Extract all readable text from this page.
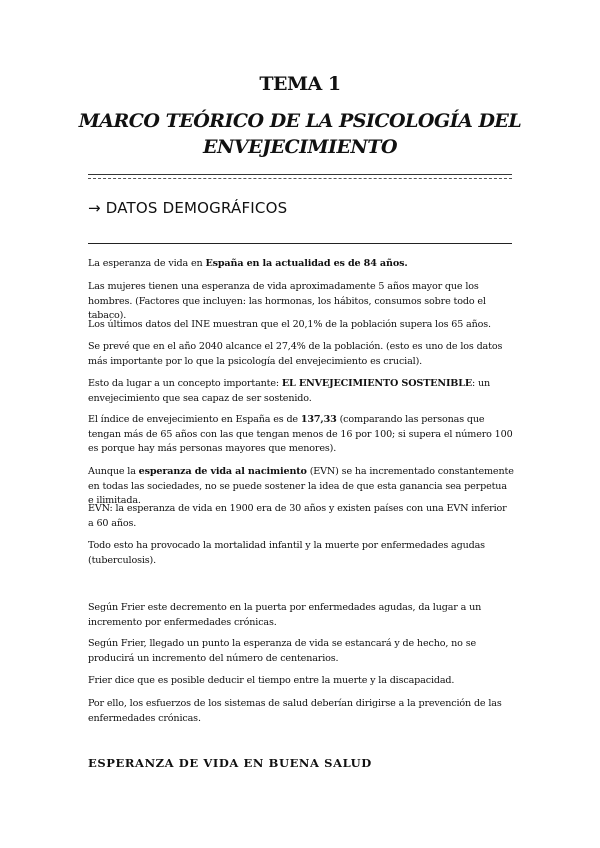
TEMA 1
MARCO TEÓRICO DE LA PSICOLOGÍA DEL
ENVEJECIMIENTO
→ DATOS DEMOGRÁFICOS

La esperanza de vida en España en la actualidad es de 84 años.

Las mujeres tienen una esperanza de vida aproximadamente 5 años mayor que los hombres. (Factores que incluyen: las hormonas, los hábitos, consumos sobre todo el tabaco).

Los últimos datos del INE muestran que el 20,1% de la población supera los 65 años.

Se prevé que en el año 2040 alcance el 27,4% de la población. (esto es uno de los datos más importante por lo que la psicología del envejecimiento es crucial).

Esto da lugar a un concepto importante: EL ENVEJECIMIENTO SOSTENIBLE: un envejecimiento que sea capaz de ser sostenido.

El índice de envejecimiento en España es de 137,33 (comparando las personas que tengan más de 65 años con las que tengan menos de 16 por 100; si supera el número 100 es porque hay más personas mayores que menores).

Aunque la esperanza de vida al nacimiento (EVN) se ha incrementado constantemente en todas las sociedades, no se puede sostener la idea de que esta ganancia sea perpetua e ilimitada.

EVN: la esperanza de vida en 1900 era de 30 años y existen países con una EVN inferior a 60 años.

Todo esto ha provocado la mortalidad infantil y la muerte por enfermedades agudas (tuberculosis).

Según Frier este decremento en la puerta por enfermedades agudas, da lugar a un incremento por enfermedades crónicas.

Según Frier, llegado un punto la esperanza de vida se estancará y de hecho, no se producirá un incremento del número de centenarios.

Frier dice que es posible deducir el tiempo entre la muerte y la discapacidad.

Por ello, los esfuerzos de los sistemas de salud deberían dirigirse a la prevención de las enfermedades crónicas.

ESPERANZA DE VIDA EN BUENA SALUD
